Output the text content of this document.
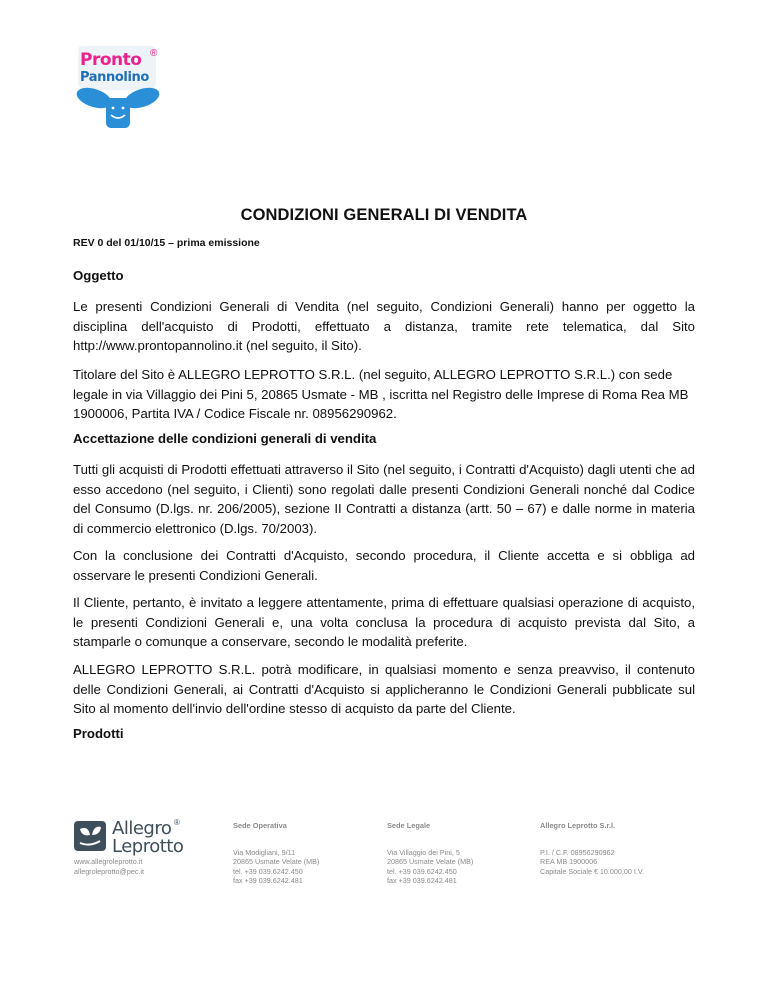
Pronto
Pannolino
®
CONDIZIONI GENERALI DI VENDITA
REV 0 del 01/10/15 – prima emissione
Oggetto
Le presenti Condizioni Generali di Vendita (nel seguito, Condizioni Generali) hanno per oggetto la disciplina dell'acquisto di Prodotti, effettuato a distanza, tramite rete telematica, dal Sito http://www.prontopannolino.it (nel seguito, il Sito).
Titolare del Sito è ALLEGRO LEPROTTO S.R.L. (nel seguito, ALLEGRO LEPROTTO S.R.L.) con sede legale in via Villaggio dei Pini 5, 20865 Usmate - MB , iscritta nel Registro delle Imprese di Roma Rea MB 1900006, Partita IVA / Codice Fiscale nr. 08956290962.
Accettazione delle condizioni generali di vendita
Tutti gli acquisti di Prodotti effettuati attraverso il Sito (nel seguito, i Contratti d'Acquisto) dagli utenti che ad esso accedono (nel seguito, i Clienti) sono regolati dalle presenti Condizioni Generali nonché dal Codice del Consumo (D.lgs. nr. 206/2005), sezione II Contratti a distanza (artt. 50 – 67) e dalle norme in materia di commercio elettronico (D.lgs. 70/2003).
Con la conclusione dei Contratti d'Acquisto, secondo procedura, il Cliente accetta e si obbliga ad osservare le presenti Condizioni Generali.
Il Cliente, pertanto, è invitato a leggere attentamente, prima di effettuare qualsiasi operazione di acquisto, le presenti Condizioni Generali e, una volta conclusa la procedura di acquisto prevista dal Sito, a stamparle o comunque a conservare, secondo le modalità preferite.
ALLEGRO LEPROTTO S.R.L. potrà modificare, in qualsiasi momento e senza preavviso, il contenuto delle Condizioni Generali, ai Contratti d'Acquisto si applicheranno le Condizioni Generali pubblicate sul Sito al momento dell'invio dell'ordine stesso di acquisto da parte del Cliente.
Prodotti
Allegro ®
Leprotto
www.allegroleprotto.it
allegroleprotto@pec.it
Sede Operativa
Via Modigliani, 9/11
20865 Usmate Velate (MB)
tel. +39 039.6242.450
fax +39 039.6242.481
Sede Legale
Via Villaggio dei Pini, 5
20865 Usmate Velate (MB)
tel. +39 039.6242.450
fax +39 039.6242.481
Allegro Leprotto S.r.l.
P.I. / C.F. 08956290962
REA MB 1900006
Capitale Sociale € 10.000,00 I.V.
